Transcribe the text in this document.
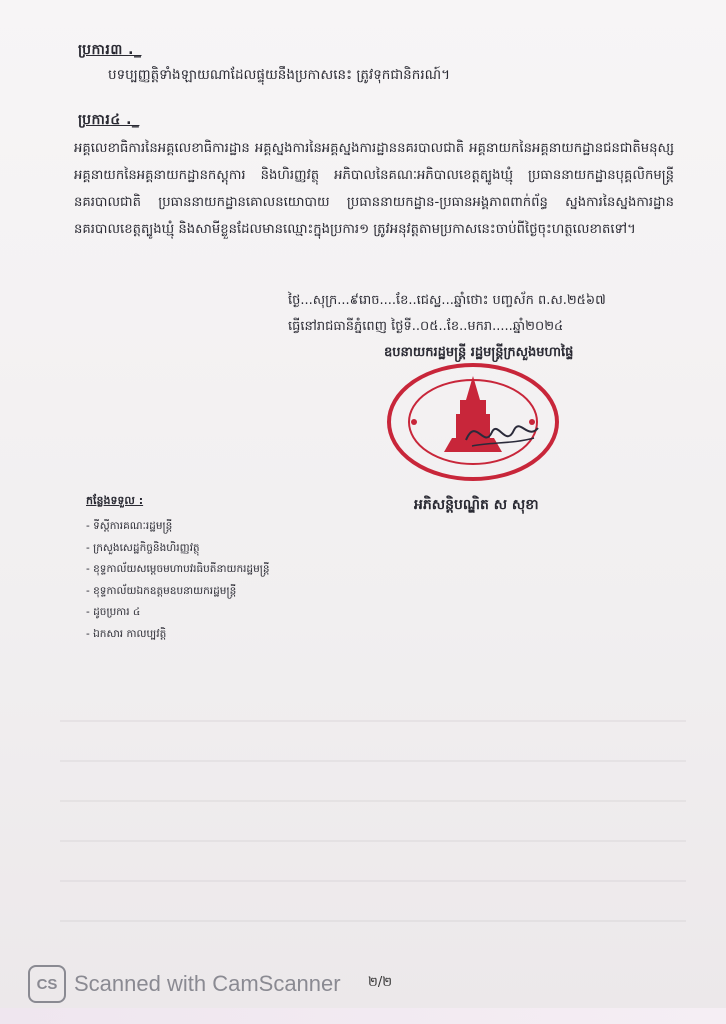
ប្រការ៣ ._
បទប្បញ្ញត្តិទាំងឡាយណាដែលផ្ទុយនឹងប្រកាសនេះ ត្រូវទុកជានិករណ៍។
ប្រការ៤ ._
អគ្គលេខាធិការនៃអគ្គលេខាធិការដ្ឋាន អគ្គស្នងការនៃអគ្គស្នងការដ្ឋាននគរបាលជាតិ អគ្គនាយកនៃអគ្គនាយកដ្ឋានជនជាតិមនុស្ស អគ្គនាយកនៃអគ្គនាយកដ្ឋានកស្ដុការ និងហិរញ្ញវត្ថុ អភិបាលនៃគណៈអភិបាលខេត្តត្បូងឃ្មុំ ប្រធាននាយកដ្ឋានបុគ្គលិកមន្ត្រីនគរបាលជាតិ ប្រធាននាយកដ្ឋានគោលនយោបាយ ប្រធាននាយកដ្ឋាន-ប្រធានអង្គភាពពាក់ព័ន្ធ ស្នងការនៃស្នងការដ្ឋាននគរបាលខេត្តត្បូងឃ្មុំ និងសាមីខ្លួនដែលមានឈ្មោះក្នុងប្រការ១ ត្រូវអនុវត្តតាមប្រកាសនេះចាប់ពីថ្ងៃចុះហត្ថលេខាតទៅ។
ថ្ងៃ...សុក្រ...៩រោច....ខែ..ជេស្ឋ...ឆ្នាំថោះ បញ្ចស័ក ព.ស.២៥៦៧
ធ្វើនៅរាជធានីភ្នំពេញ ថ្ងៃទី..០៥..ខែ..មករា.....ឆ្នាំ២០២៤
ឧបនាយករដ្ឋមន្ត្រី រដ្ឋមន្ត្រីក្រសួងមហាផ្ទៃ
អភិសន្តិបណ្ឌិត ស សុខា
កន្លែងទទួល :
- ទីស្ដីការគណៈរដ្ឋមន្ត្រី
- ក្រសួងសេដ្ឋកិច្ចនិងហិរញ្ញវត្ថុ
- ខុទ្ទកាល័យសម្ដេចមហាបវរធិបតីនាយករដ្ឋមន្ត្រី
- ខុទ្ទកាល័យឯកឧត្តមឧបនាយករដ្ឋមន្ត្រី
- ដូចប្រការ ៤
- ឯកសារ កាលប្បវត្តិ
CS Scanned with CamScanner ២/២
